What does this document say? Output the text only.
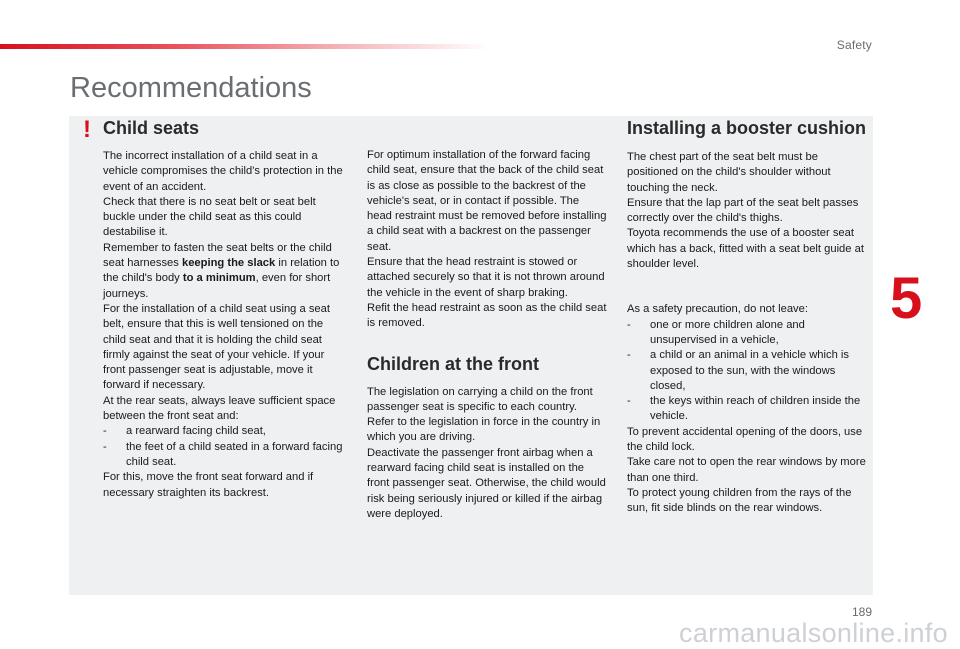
Safety
Recommendations
5
! Child seats

The incorrect installation of a child seat in a vehicle compromises the child's protection in the event of an accident.

Check that there is no seat belt or seat belt buckle under the child seat as this could destabilise it.

Remember to fasten the seat belts or the child seat harnesses keeping the slack in relation to the child's body to a minimum, even for short journeys.

For the installation of a child seat using a seat belt, ensure that this is well tensioned on the child seat and that it is holding the child seat firmly against the seat of your vehicle. If your front passenger seat is adjustable, move it forward if necessary.

At the rear seats, always leave sufficient space between the front seat and:

- a rearward facing child seat,
- the feet of a child seated in a forward facing child seat.

For this, move the front seat forward and if necessary straighten its backrest.

For optimum installation of the forward facing child seat, ensure that the back of the child seat is as close as possible to the backrest of the vehicle's seat, or in contact if possible. The head restraint must be removed before installing a child seat with a backrest on the passenger seat.

Ensure that the head restraint is stowed or attached securely so that it is not thrown around the vehicle in the event of sharp braking.

Refit the head restraint as soon as the child seat is removed.

Children at the front

The legislation on carrying a child on the front passenger seat is specific to each country. Refer to the legislation in force in the country in which you are driving.

Deactivate the passenger front airbag when a rearward facing child seat is installed on the front passenger seat. Otherwise, the child would risk being seriously injured or killed if the airbag were deployed.

Installing a booster cushion

The chest part of the seat belt must be positioned on the child's shoulder without touching the neck.

Ensure that the lap part of the seat belt passes correctly over the child's thighs.

Toyota recommends the use of a booster seat which has a back, fitted with a seat belt guide at shoulder level.

As a safety precaution, do not leave:

- one or more children alone and unsupervised in a vehicle,
- a child or an animal in a vehicle which is exposed to the sun, with the windows closed,
- the keys within reach of children inside the vehicle.

To prevent accidental opening of the doors, use the child lock.

Take care not to open the rear windows by more than one third.

To protect young children from the rays of the sun, fit side blinds on the rear windows.

189
carmanualsonline.info
